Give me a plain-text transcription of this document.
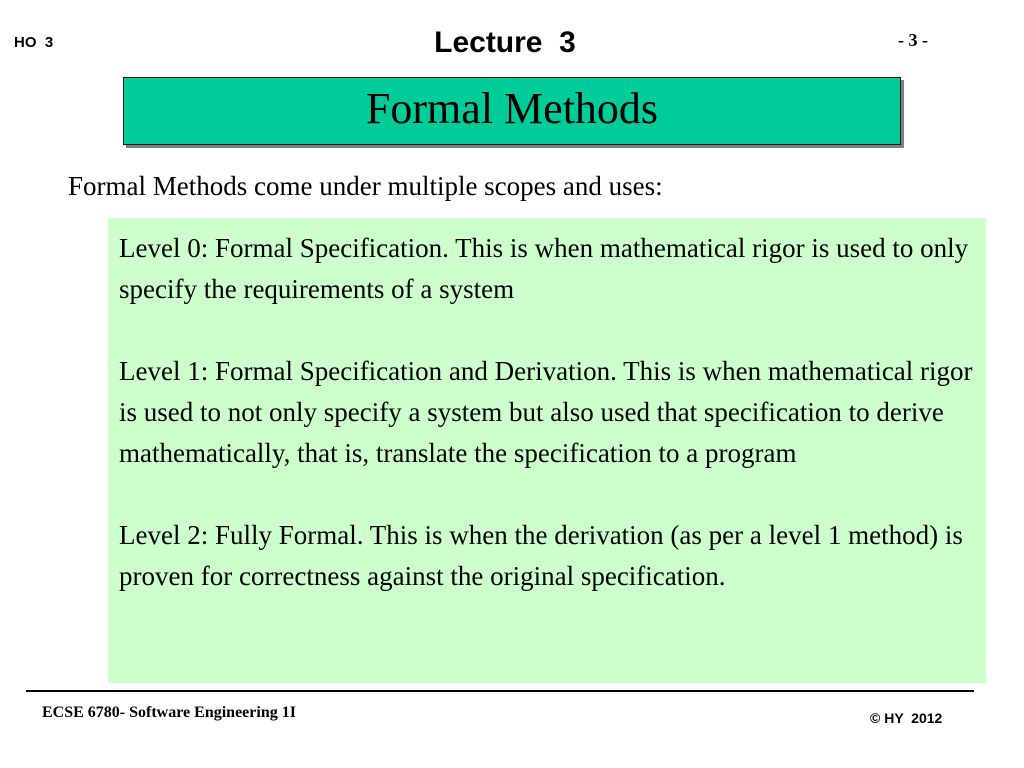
HO  3	Lecture  3	- 3 -
Formal Methods
Formal Methods come under multiple scopes and uses:

Level 0: Formal Specification. This is when mathematical rigor is used to only specify the requirements of a system

Level 1: Formal Specification and Derivation. This is when mathematical rigor is used to not only specify a system but also used that specification to derive mathematically, that is, translate the specification to a program

Level 2: Fully Formal. This is when the derivation (as per a level 1 method) is proven for correctness against the original specification.

ECSE 6780- Software Engineering 1I	© HY  2012
